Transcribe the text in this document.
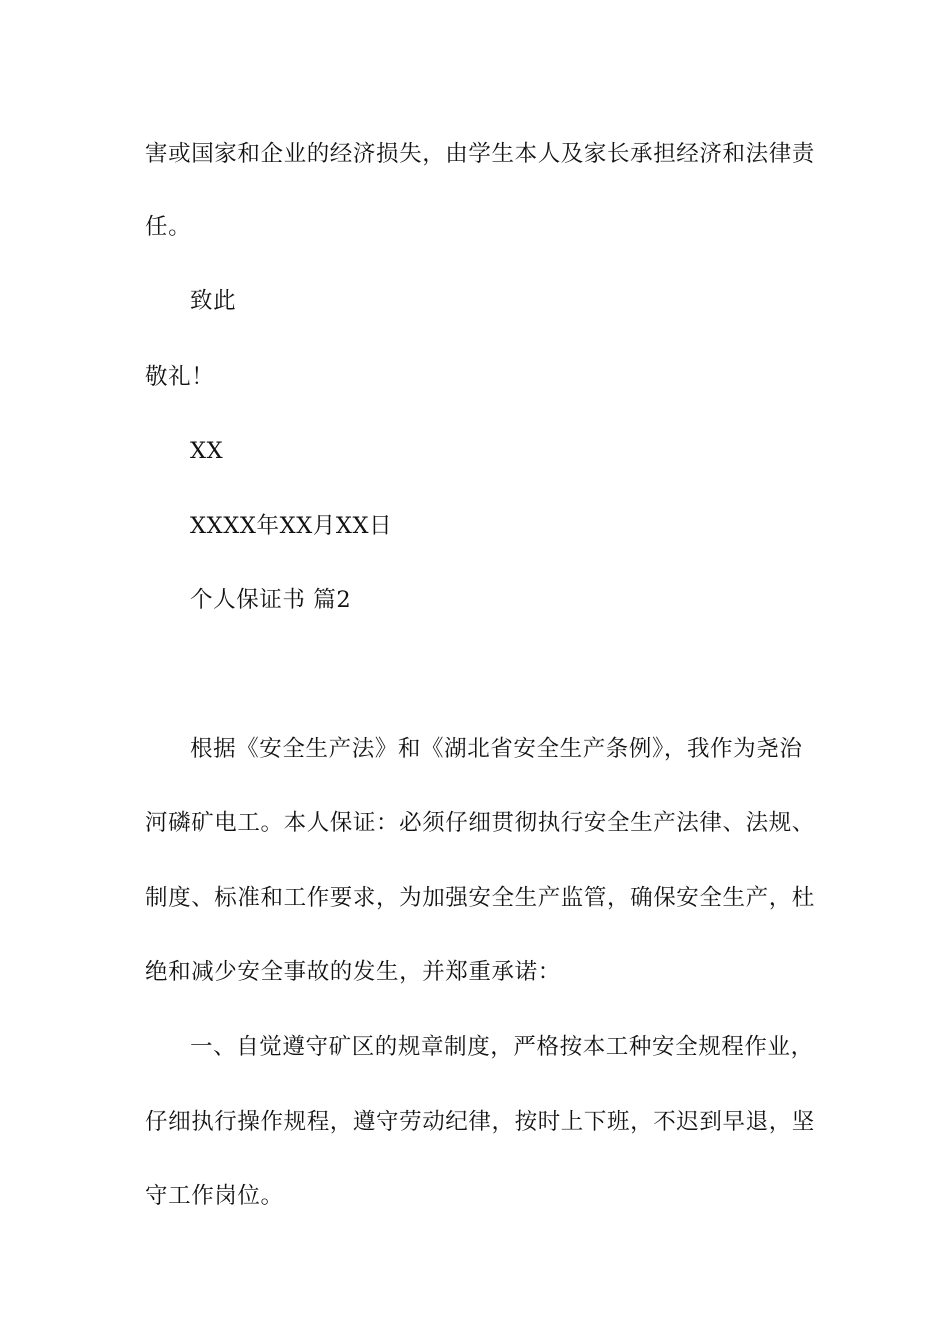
害或国家和企业的经济损失，由学生本人及家长承担经济和法律责
任。
致此
敬礼！
XX
XXXX年XX月XX日
个人保证书 篇2
根据《安全生产法》和《湖北省安全生产条例》，我作为尧治
河磷矿电工。本人保证：必须仔细贯彻执行安全生产法律、法规、
制度、标准和工作要求，为加强安全生产监管，确保安全生产，杜
绝和减少安全事故的发生，并郑重承诺：
一、自觉遵守矿区的规章制度，严格按本工种安全规程作业，
仔细执行操作规程，遵守劳动纪律，按时上下班，不迟到早退，坚
守工作岗位。
